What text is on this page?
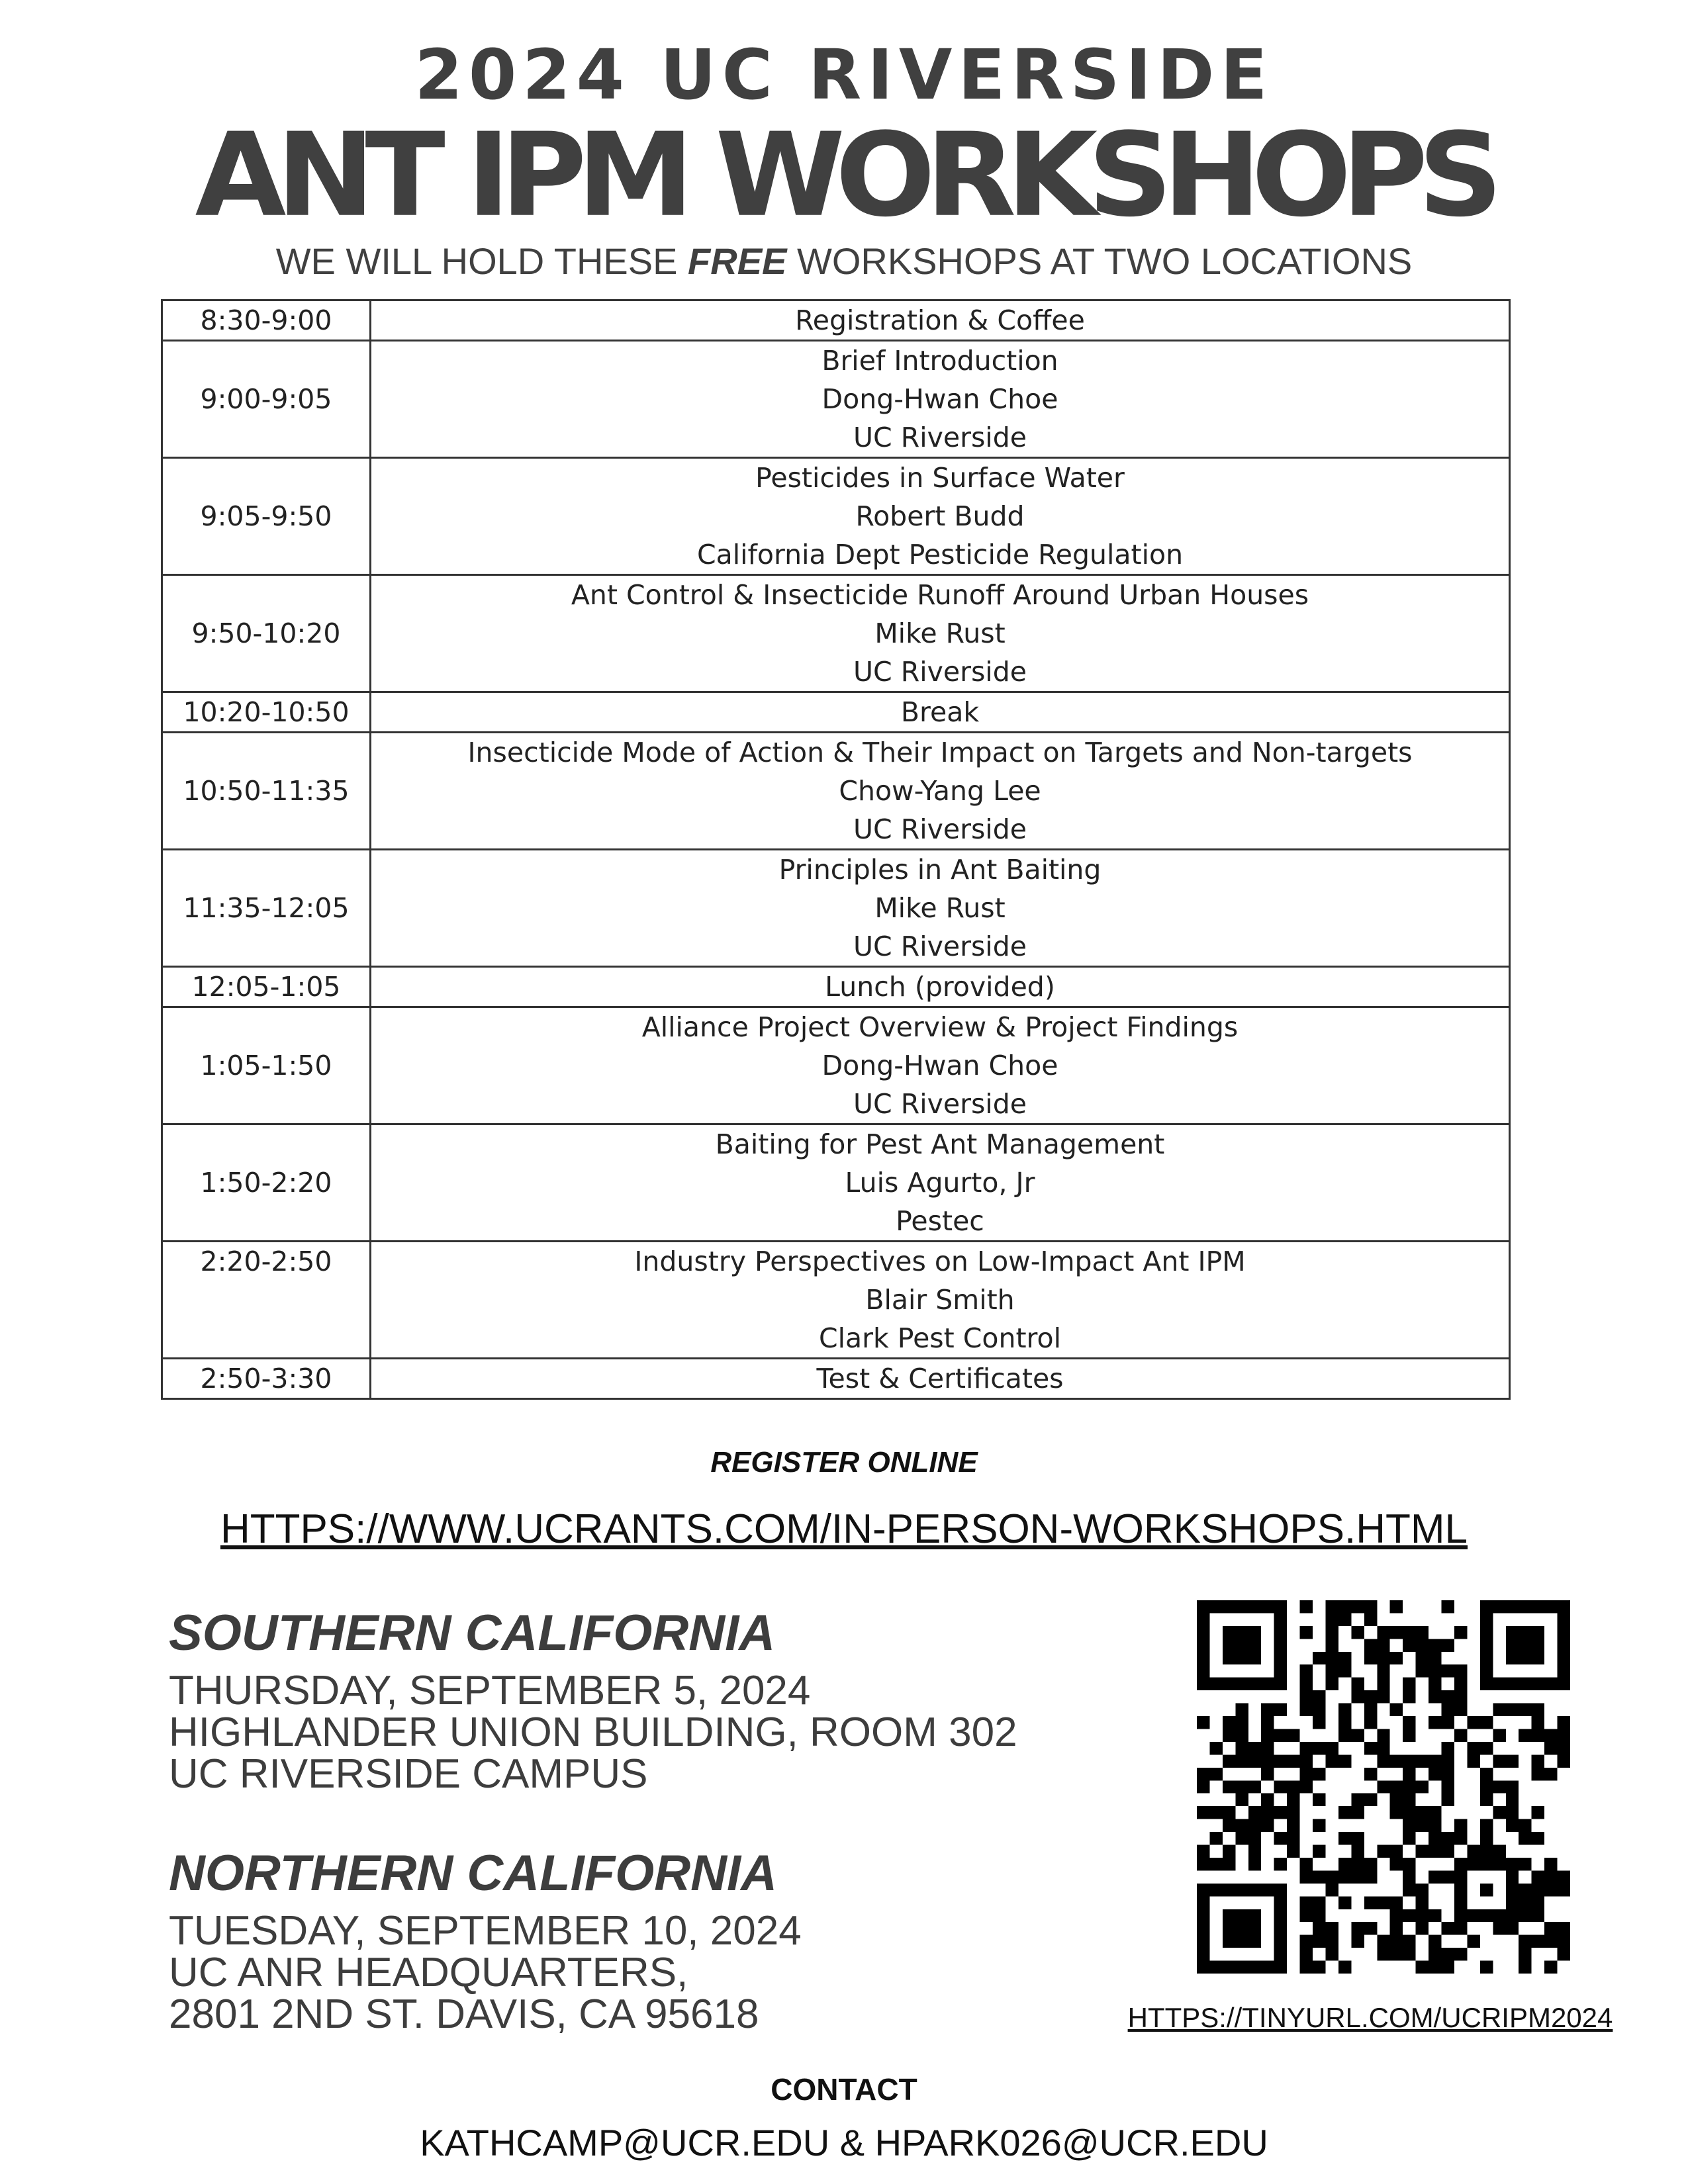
2024 UC RIVERSIDE
ANT IPM WORKSHOPS
WE WILL HOLD THESE FREE WORKSHOPS AT TWO LOCATIONS
8:30-9:00	Registration & Coffee

9:00-9:05	Brief Introduction
Dong-Hwan Choe
UC Riverside

9:05-9:50	Pesticides in Surface Water
Robert Budd
California Dept Pesticide Regulation

9:50-10:20	Ant Control & Insecticide Runoff Around Urban Houses
Mike Rust
UC Riverside

10:20-10:50	Break

10:50-11:35	Insecticide Mode of Action & Their Impact on Targets and Non-targets
Chow-Yang Lee
UC Riverside

11:35-12:05	Principles in Ant Baiting
Mike Rust
UC Riverside

12:05-1:05	Lunch (provided)

1:05-1:50	Alliance Project Overview & Project Findings
Dong-Hwan Choe
UC Riverside

1:50-2:20	Baiting for Pest Ant Management
Luis Agurto, Jr
Pestec

2:20-2:50	Industry Perspectives on Low-Impact Ant IPM
Blair Smith
Clark Pest Control

2:50-3:30	Test & Certificates
REGISTER ONLINE
HTTPS://WWW.UCRANTS.COM/IN-PERSON-WORKSHOPS.HTML
SOUTHERN CALIFORNIA
THURSDAY, SEPTEMBER 5, 2024
HIGHLANDER UNION BUILDING, ROOM 302
UC RIVERSIDE CAMPUS
NORTHERN CALIFORNIA
TUESDAY, SEPTEMBER 10, 2024
UC ANR HEADQUARTERS,
2801 2ND ST. DAVIS, CA 95618	HTTPS://TINYURL.COM/UCRIPM2024
CONTACT
KATHCAMP@UCR.EDU & HPARK026@UCR.EDU
